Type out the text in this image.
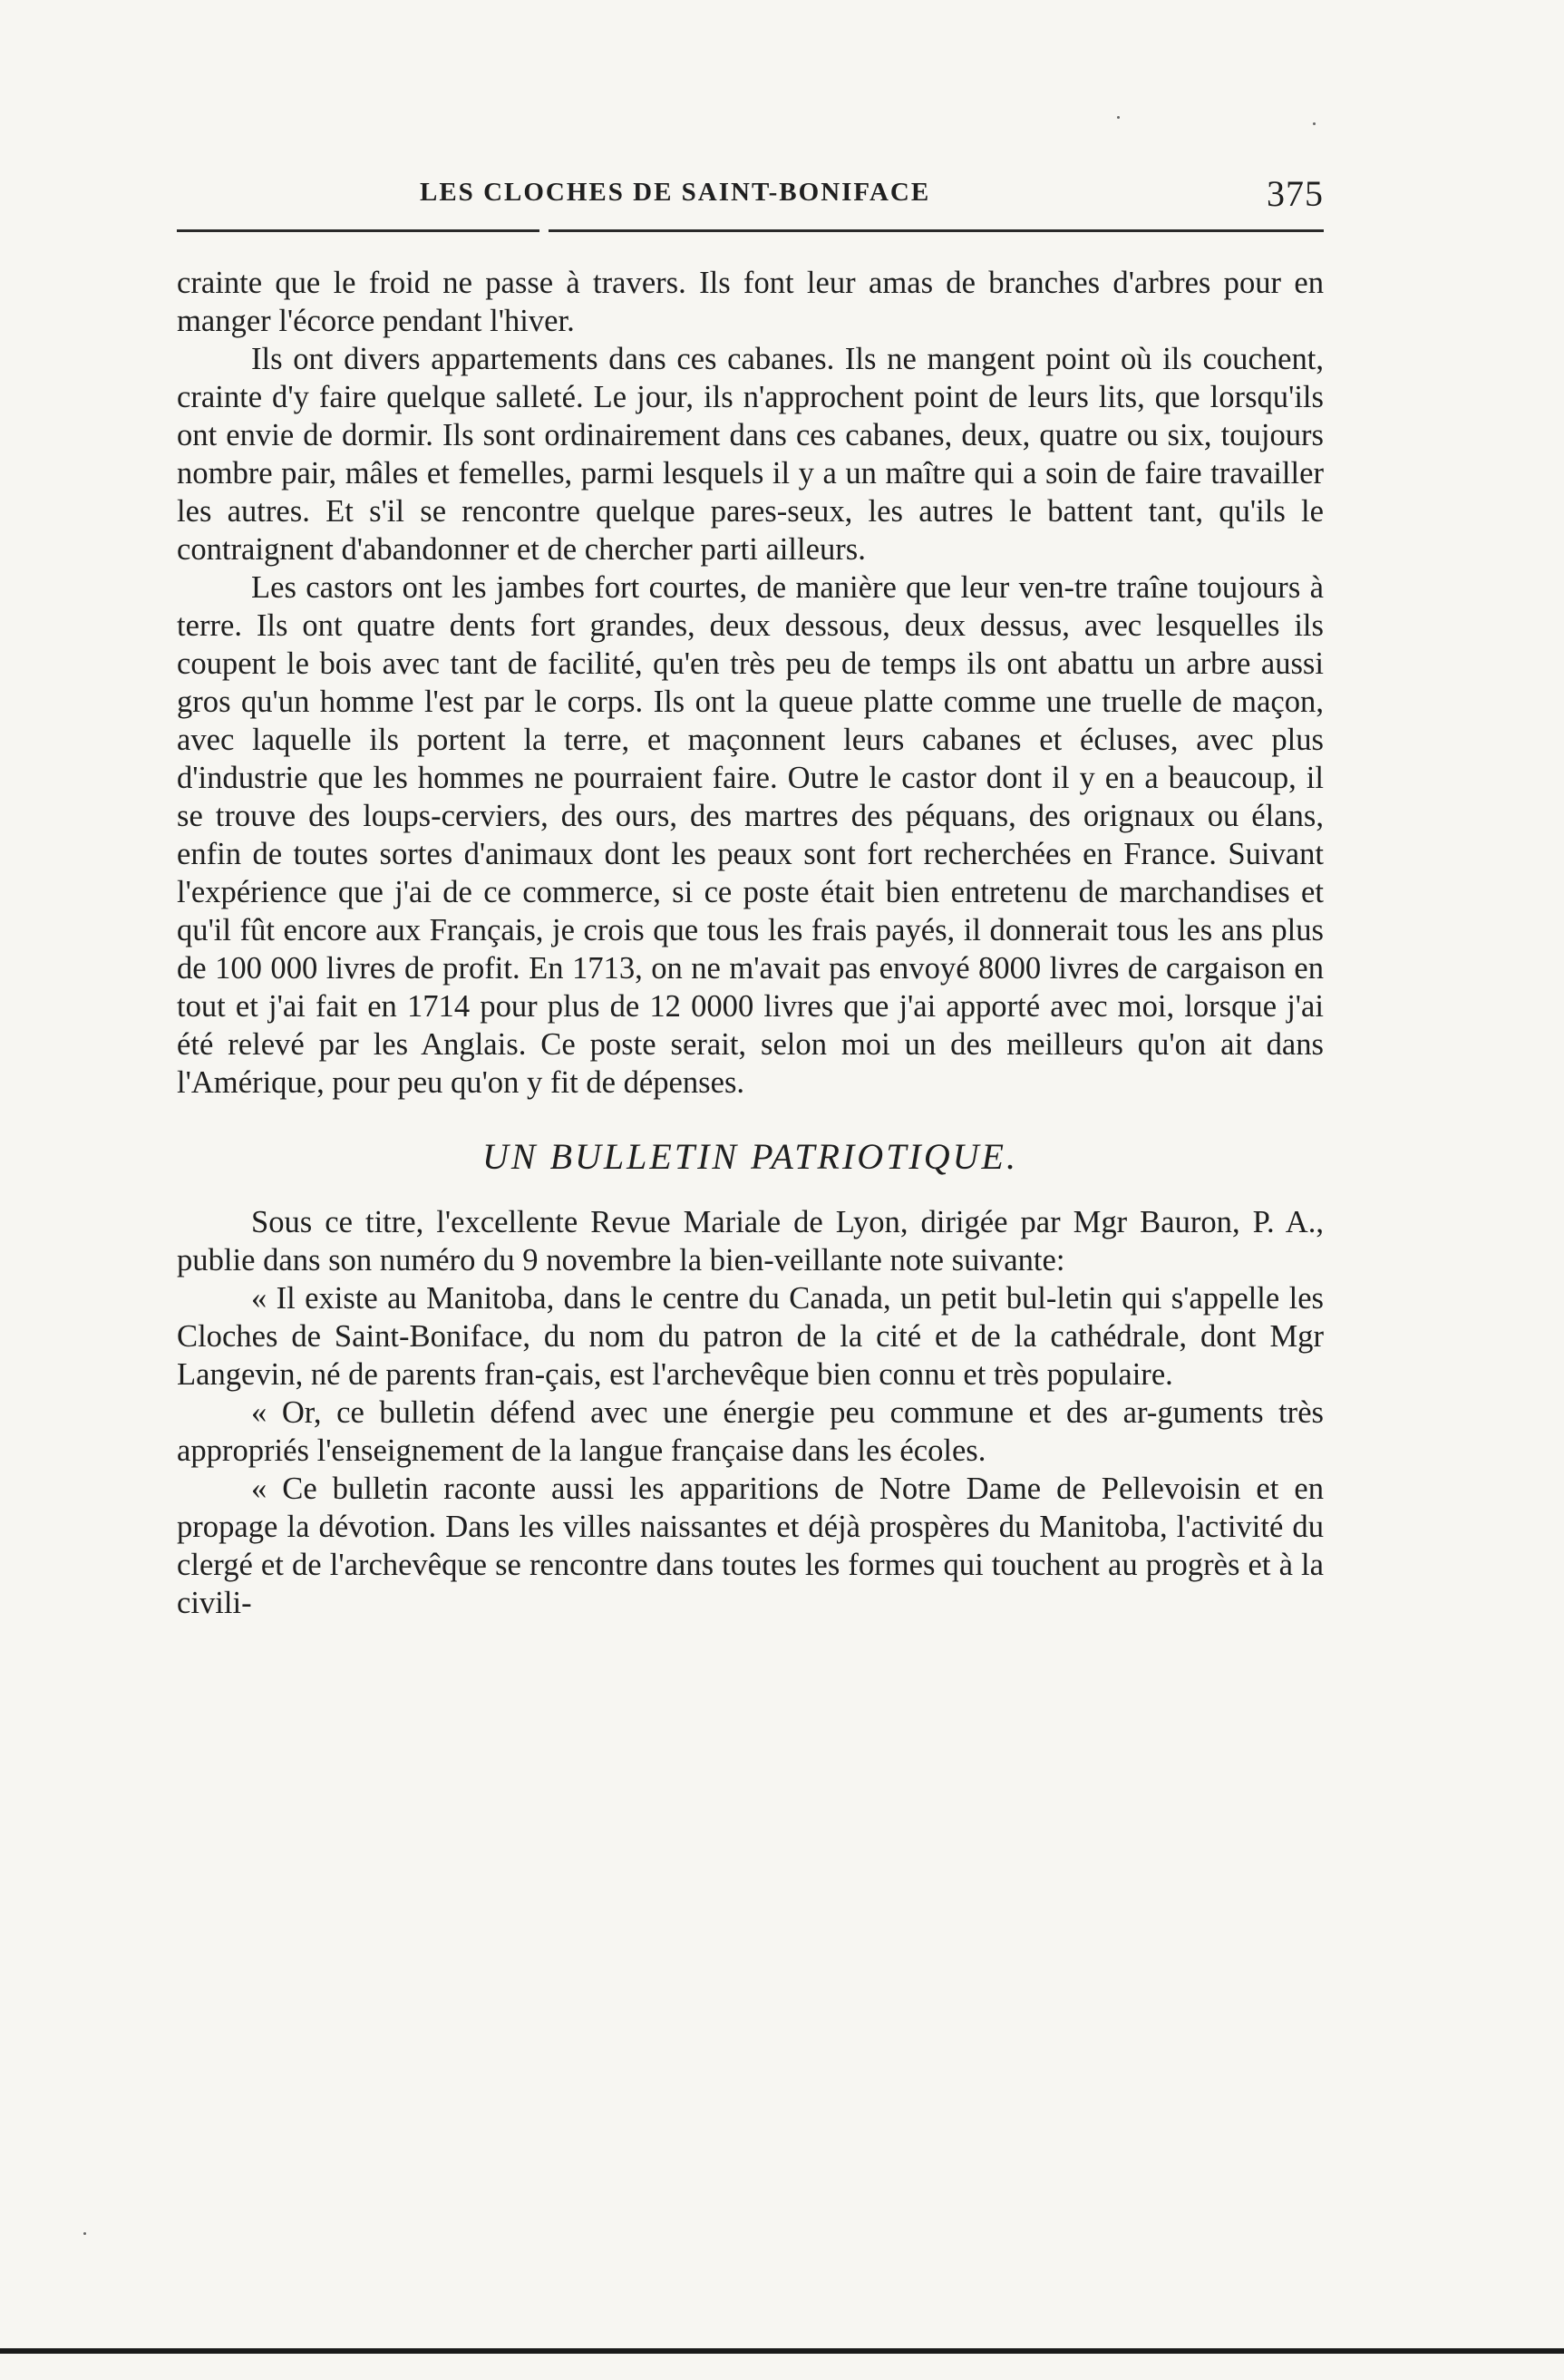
LES CLOCHES DE SAINT-BONIFACE	375

crainte que le froid ne passe à travers. Ils font leur amas de branches d'arbres pour en manger l'écorce pendant l'hiver.

Ils ont divers appartements dans ces cabanes. Ils ne mangent point où ils couchent, crainte d'y faire quelque salleté. Le jour, ils n'approchent point de leurs lits, que lorsqu'ils ont envie de dormir. Ils sont ordinairement dans ces cabanes, deux, quatre ou six, toujours nombre pair, mâles et femelles, parmi lesquels il y a un maître qui a soin de faire travailler les autres. Et s'il se rencontre quelque pares-seux, les autres le battent tant, qu'ils le contraignent d'abandonner et de chercher parti ailleurs.

Les castors ont les jambes fort courtes, de manière que leur ven-tre traîne toujours à terre. Ils ont quatre dents fort grandes, deux dessous, deux dessus, avec lesquelles ils coupent le bois avec tant de facilité, qu'en très peu de temps ils ont abattu un arbre aussi gros qu'un homme l'est par le corps. Ils ont la queue platte comme une truelle de maçon, avec laquelle ils portent la terre, et maçonnent leurs cabanes et écluses, avec plus d'industrie que les hommes ne pourraient faire. Outre le castor dont il y en a beaucoup, il se trouve des loups-cerviers, des ours, des martres des péquans, des orignaux ou élans, enfin de toutes sortes d'animaux dont les peaux sont fort recherchées en France. Suivant l'expérience que j'ai de ce commerce, si ce poste était bien entretenu de marchandises et qu'il fût encore aux Français, je crois que tous les frais payés, il donnerait tous les ans plus de 100 000 livres de profit. En 1713, on ne m'avait pas envoyé 8000 livres de cargaison en tout et j'ai fait en 1714 pour plus de 12 0000 livres que j'ai apporté avec moi, lorsque j'ai été relevé par les Anglais. Ce poste serait, selon moi un des meilleurs qu'on ait dans l'Amérique, pour peu qu'on y fit de dépenses.

UN BULLETIN PATRIOTIQUE.

Sous ce titre, l'excellente Revue Mariale de Lyon, dirigée par Mgr Bauron, P. A., publie dans son numéro du 9 novembre la bien-veillante note suivante:

« Il existe au Manitoba, dans le centre du Canada, un petit bul-letin qui s'appelle les Cloches de Saint-Boniface, du nom du patron de la cité et de la cathédrale, dont Mgr Langevin, né de parents fran-çais, est l'archevêque bien connu et très populaire.

« Or, ce bulletin défend avec une énergie peu commune et des ar-guments très appropriés l'enseignement de la langue française dans les écoles.

« Ce bulletin raconte aussi les apparitions de Notre Dame de Pellevoisin et en propage la dévotion. Dans les villes naissantes et déjà prospères du Manitoba, l'activité du clergé et de l'archevêque se rencontre dans toutes les formes qui touchent au progrès et à la civili-
